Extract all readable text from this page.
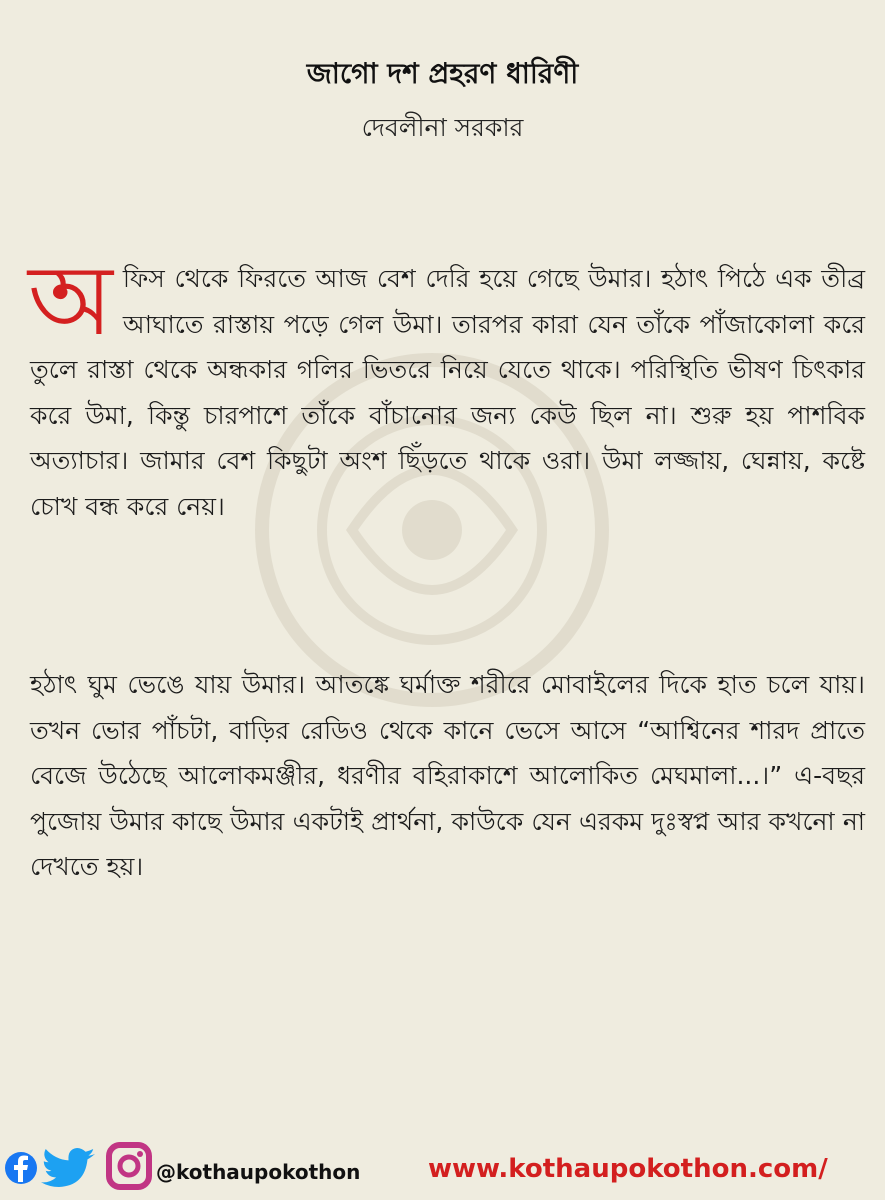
জাগো দশ প্রহরণ ধারিণী
দেবলীনা সরকার
অ ফিস থেকে ফিরতে আজ বেশ দেরি হয়ে গেছে উমার। হঠাৎ পিঠে এক তীব্র আঘাতে রাস্তায় পড়ে গেল উমা। তারপর কারা যেন তাঁকে পাঁজাকোলা করে তুলে রাস্তা থেকে অন্ধকার গলির ভিতরে নিয়ে যেতে থাকে। পরিস্থিতি ভীষণ চিৎকার করে উমা, কিন্তু চারপাশে তাঁকে বাঁচানোর জন্য কেউ ছিল না। শুরু হয় পাশবিক অত্যাচার। জামার বেশ কিছুটা অংশ ছিঁড়তে থাকে ওরা। উমা লজ্জায়, ঘেন্নায়, কষ্টে চোখ বন্ধ করে নেয়।
হঠাৎ ঘুম ভেঙে যায় উমার। আতঙ্কে ঘর্মাক্ত শরীরে মোবাইলের দিকে হাত চলে যায়। তখন ভোর পাঁচটা, বাড়ির রেডিও থেকে কানে ভেসে আসে “আশ্বিনের শারদ প্রাতে বেজে উঠেছে আলোকমঞ্জীর, ধরণীর বহিরাকাশে আলোকিত মেঘমালা...।” এ-বছর পুজোয় উমার কাছে উমার একটাই প্রার্থনা, কাউকে যেন এরকম দুঃস্বপ্ন আর কখনো না দেখতে হয়।
@kothaupokothon	www.kothaupokothon.com/
